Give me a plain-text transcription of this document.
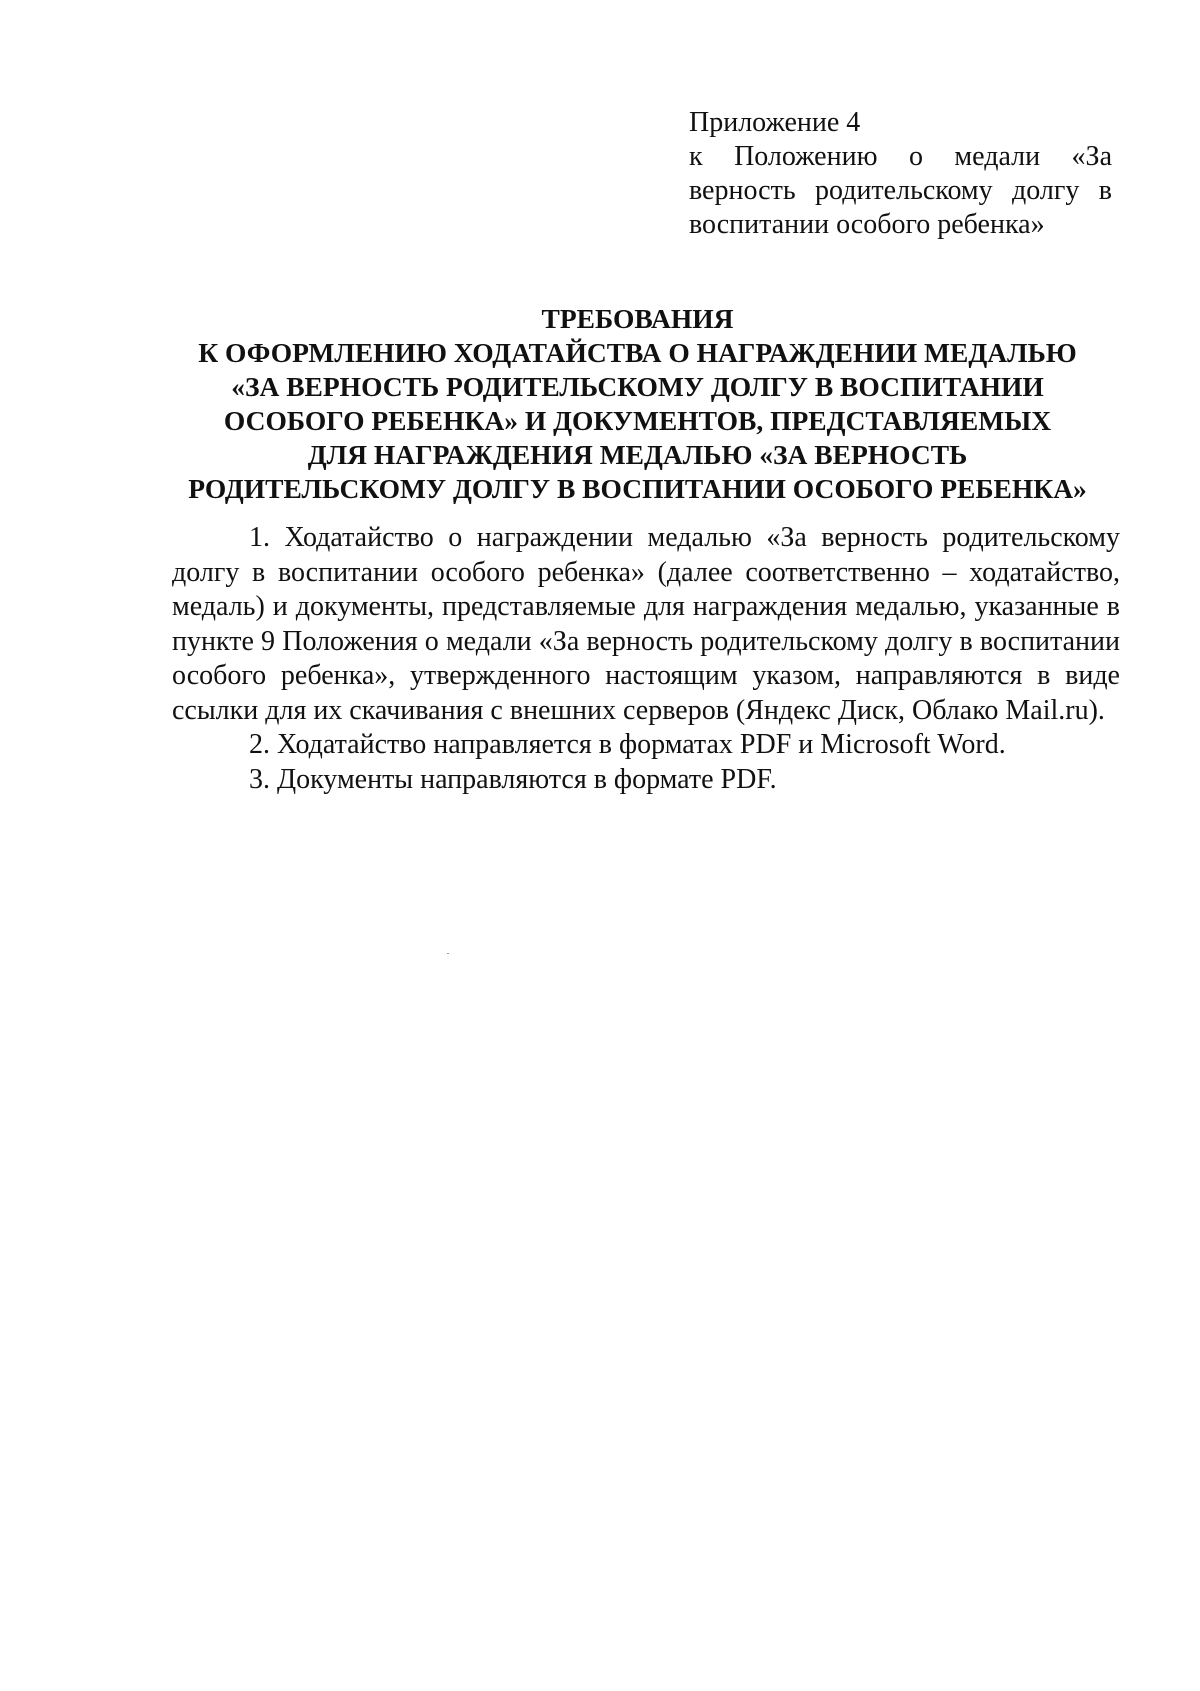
Приложение 4
к Положению о медали «За
верность родительскому долгу в
воспитании особого ребенка»
ТРЕБОВАНИЯ
К ОФОРМЛЕНИЮ ХОДАТАЙСТВА О НАГРАЖДЕНИИ МЕДАЛЬЮ
«ЗА ВЕРНОСТЬ РОДИТЕЛЬСКОМУ ДОЛГУ В ВОСПИТАНИИ
ОСОБОГО РЕБЕНКА» И ДОКУМЕНТОВ, ПРЕДСТАВЛЯЕМЫХ
ДЛЯ НАГРАЖДЕНИЯ МЕДАЛЬЮ «ЗА ВЕРНОСТЬ
РОДИТЕЛЬСКОМУ ДОЛГУ В ВОСПИТАНИИ ОСОБОГО РЕБЕНКА»

1. Ходатайство о награждении медалью «За верность родительскому долгу в воспитании особого ребенка» (далее соответственно – ходатайство, медаль) и документы, представляемые для награждения медалью, указанные в пункте 9 Положения о медали «За верность родительскому долгу в воспитании особого ребенка», утвержденного настоящим указом, направляются в виде ссылки для их скачивания с внешних серверов (Яндекс Диск, Облако Mail.ru).

2. Ходатайство направляется в форматах PDF и Microsoft Word.

3. Документы направляются в формате PDF.
